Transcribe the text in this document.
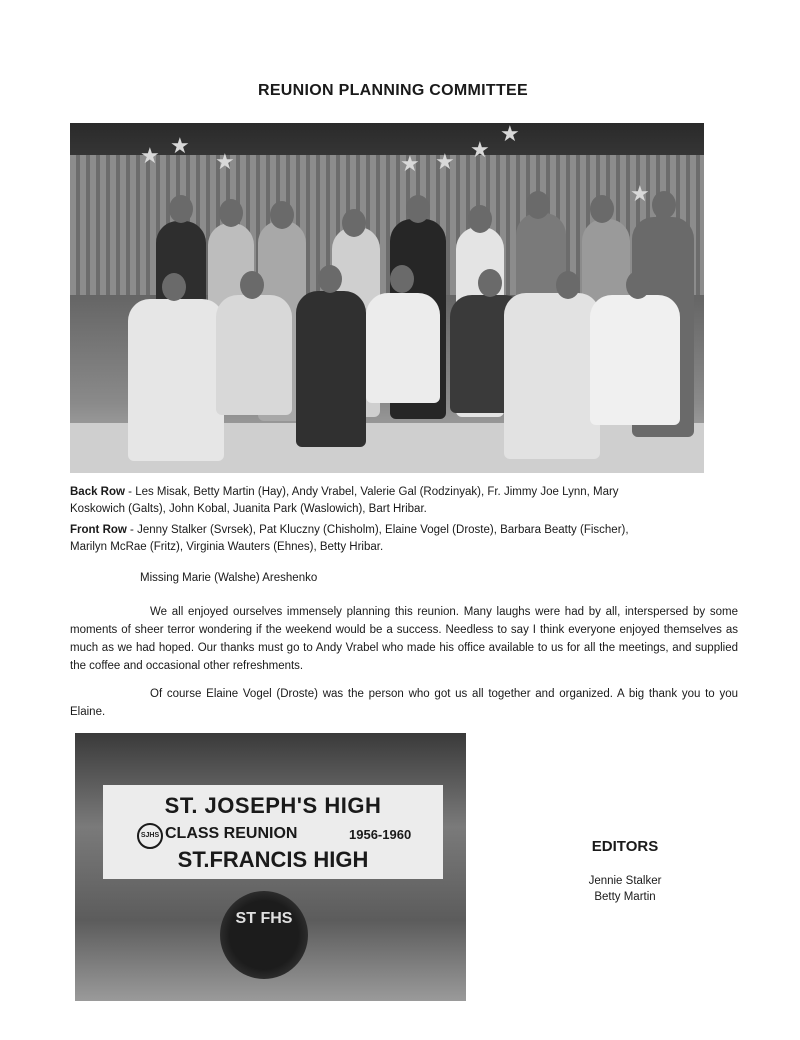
REUNION PLANNING COMMITTEE
★ ★
★	★ ★ ★
★
★
Back Row - Les Misak, Betty Martin (Hay), Andy Vrabel, Valerie Gal (Rodzinyak), Fr. Jimmy Joe Lynn, Mary
Koskowich (Galts), John Kobal, Juanita Park (Waslowich), Bart Hribar.
Front Row - Jenny Stalker (Svrsek), Pat Kluczny (Chisholm), Elaine Vogel (Droste), Barbara Beatty (Fischer),
Marilyn McRae (Fritz), Virginia Wauters (Ehnes), Betty Hribar.
Missing Marie (Walshe) Areshenko
We all enjoyed ourselves immensely planning this reunion. Many laughs were had by all, interspersed by some moments of sheer terror wondering if the weekend would be a success. Needless to say I think everyone enjoyed themselves as much as we had hoped. Our thanks must go to Andy Vrabel who made his office available to us for all the meetings, and supplied the coffee and occasional other refreshments.
Of course Elaine Vogel (Droste) was the person who got us all together and organized. A big thank you to you Elaine.
ST. JOSEPH'S HIGH
SJHS CLASS REUNION	1956-1960
ST.FRANCIS HIGH
ST FHS
EDITORS
Jennie Stalker
Betty Martin
